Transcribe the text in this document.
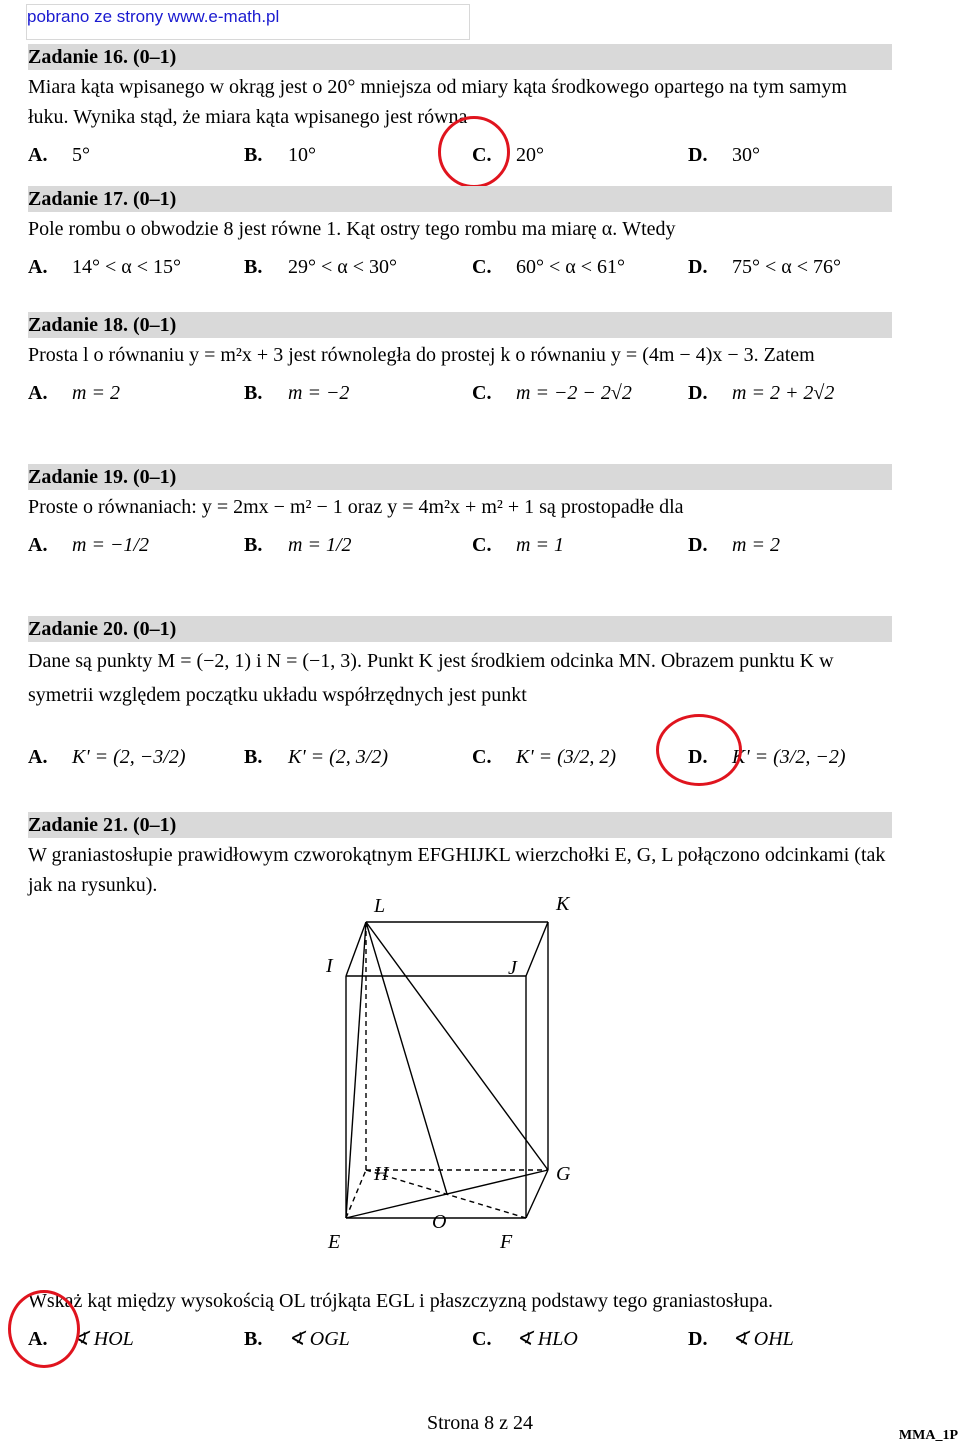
pobrano ze strony www.e-math.pl
Zadanie 16. (0–1)
Miara kąta wpisanego w okrąg jest o 20° mniejsza od miary kąta środkowego opartego na tym samym łuku. Wynika stąd, że miara kąta wpisanego jest równa
A. 5°	B. 10°	C. 20°	D. 30°
Zadanie 17. (0–1)
Pole rombu o obwodzie 8 jest równe 1. Kąt ostry tego rombu ma miarę α. Wtedy
A. 14° < α < 15°	B. 29° < α < 30°	C. 60° < α < 61°	D. 75° < α < 76°
Zadanie 18. (0–1)
Prosta l o równaniu y = m²x + 3 jest równoległa do prostej k o równaniu y = (4m − 4)x − 3. Zatem
A. m = 2	B. m = −2	C. m = −2 − 2√2	D. m = 2 + 2√2
Zadanie 19. (0–1)
Proste o równaniach: y = 2mx − m² − 1 oraz y = 4m²x + m² + 1 są prostopadłe dla
A. m = −1/2	B. m = 1/2	C. m = 1	D. m = 2
Zadanie 20. (0–1)
Dane są punkty M = (−2, 1) i N = (−1, 3). Punkt K jest środkiem odcinka MN. Obrazem punktu K w symetrii względem początku układu współrzędnych jest punkt
A. K' = (2, −3/2)	B. K' = (2, 3/2)	C. K' = (3/2, 2)	D. K' = (3/2, −2)
Zadanie 21. (0–1)
W graniastosłupie prawidłowym czworokątnym EFGHIJKL wierzchołki E, G, L połączono odcinkami (tak jak na rysunku).
L	K
I	J
H	G
O
E	F
Wskaż kąt między wysokością OL trójkąta EGL i płaszczyzną podstawy tego graniastosłupa.
A. ∢ HOL	B. ∢ OGL	C. ∢ HLO	D. ∢ OHL
Strona 8 z 24
MMA_1P
